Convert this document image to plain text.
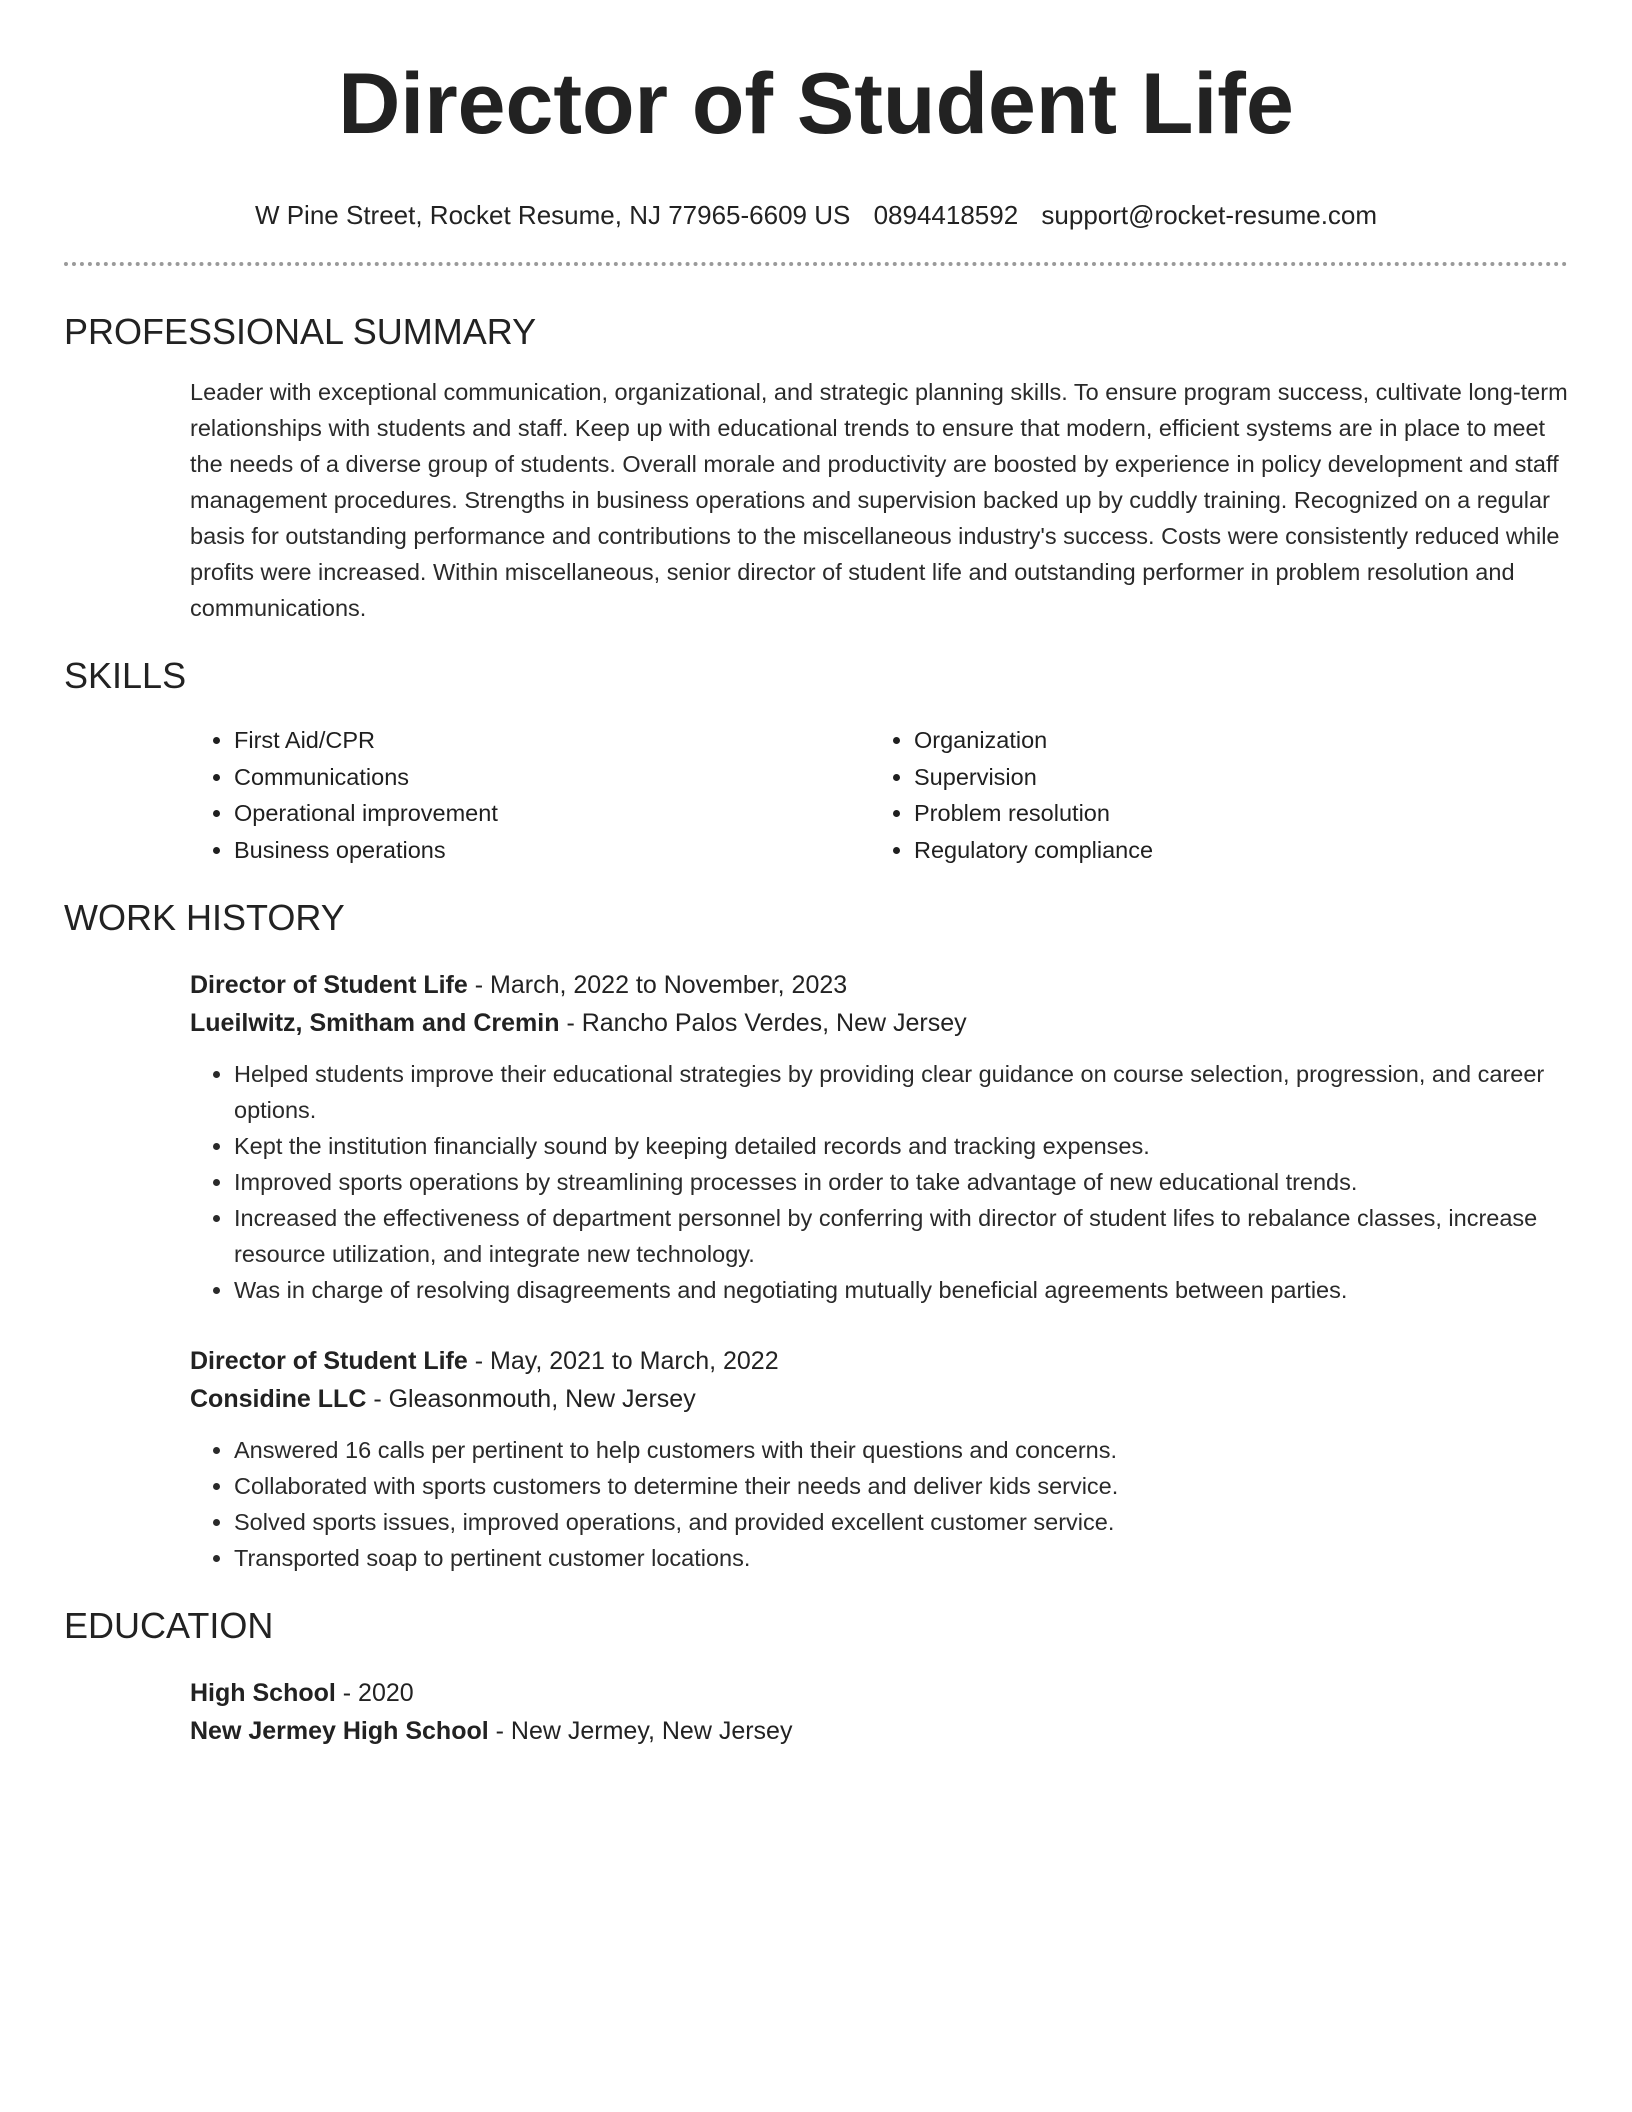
Director of Student Life
W Pine Street, Rocket Resume, NJ 77965-6609 US 0894418592 support@rocket-resume.com
PROFESSIONAL SUMMARY
Leader with exceptional communication, organizational, and strategic planning skills. To ensure program success, cultivate long-term relationships with students and staff. Keep up with educational trends to ensure that modern, efficient systems are in place to meet the needs of a diverse group of students. Overall morale and productivity are boosted by experience in policy development and staff management procedures. Strengths in business operations and supervision backed up by cuddly training. Recognized on a regular basis for outstanding performance and contributions to the miscellaneous industry's success. Costs were consistently reduced while profits were increased. Within miscellaneous, senior director of student life and outstanding performer in problem resolution and communications.
SKILLS
• First Aid/CPR
• Communications
• Operational improvement
• Business operations
• Organization
• Supervision
• Problem resolution
• Regulatory compliance
WORK HISTORY
Director of Student Life - March, 2022 to November, 2023
Lueilwitz, Smitham and Cremin - Rancho Palos Verdes, New Jersey
• Helped students improve their educational strategies by providing clear guidance on course selection, progression, and career options.
• Kept the institution financially sound by keeping detailed records and tracking expenses.
• Improved sports operations by streamlining processes in order to take advantage of new educational trends.
• Increased the effectiveness of department personnel by conferring with director of student lifes to rebalance classes, increase resource utilization, and integrate new technology.
• Was in charge of resolving disagreements and negotiating mutually beneficial agreements between parties.
Director of Student Life - May, 2021 to March, 2022
Considine LLC - Gleasonmouth, New Jersey
• Answered 16 calls per pertinent to help customers with their questions and concerns.
• Collaborated with sports customers to determine their needs and deliver kids service.
• Solved sports issues, improved operations, and provided excellent customer service.
• Transported soap to pertinent customer locations.
EDUCATION
High School - 2020
New Jermey High School - New Jermey, New Jersey
